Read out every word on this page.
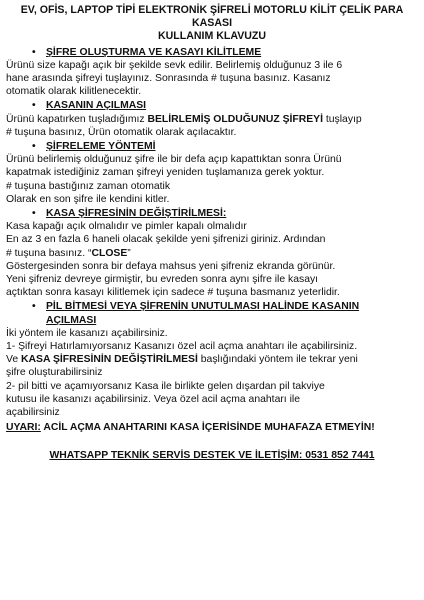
EV, OFİS, LAPTOP TİPİ ELEKTRONİK ŞİFRELİ MOTORLU KİLİT ÇELİK PARA KASASI
KULLANIM KLAVUZU
• ŞİFRE OLUŞTURMA VE KASAYI KİLİTLEME

Ürünü size kapağı açık bir şekilde sevk edilir. Belirlemiş olduğunuz 3 ile 6

hane arasında şifreyi tuşlayınız. Sonrasında # tuşuna basınız. Kasanız

otomatik olarak kilitlenecektir.

• KASANIN AÇILMASI

Ürünü kapatırken tuşladığımız BELİRLEMİŞ OLDUĞUNUZ ŞİFREYİ tuşlayıp

# tuşuna basınız, Ürün otomatik olarak açılacaktır.

• ŞİFRELEME YÖNTEMİ

Ürünü belirlemiş olduğunuz şifre ile bir defa açıp kapattıktan sonra Ürünü

kapatmak istediğiniz zaman şifreyi yeniden tuşlamanıza gerek yoktur.

# tuşuna bastığınız zaman otomatik

Olarak en son şifre ile kendini kitler.

• KASA ŞİFRESİNİN DEĞİŞTİRİLMESİ:

Kasa kapağı açık olmalıdır ve pimler kapalı olmalıdır

En az 3 en fazla 6 haneli olacak şekilde yeni şifrenizi giriniz. Ardından

# tuşuna basınız. “CLOSE”

Göstergesinden sonra bir defaya mahsus yeni şifreniz ekranda görünür.

Yeni şifreniz devreye girmiştir, bu evreden sonra aynı şifre ile kasayı

açtıktan sonra kasayı kilitlemek için sadece # tuşuna basmanız yeterlidir.

• PİL BİTMESİ VEYA ŞİFRENİN UNUTULMASI HALİNDE KASANIN
AÇILMASI

İki yöntem ile kasanızı açabilirsiniz.

1- Şifreyi Hatırlamıyorsanız Kasanızı özel acil açma anahtarı ile açabilirsiniz.

Ve KASA ŞİFRESİNİN DEĞİŞTİRİLMESİ başlığındaki yöntem ile tekrar yeni

şifre oluşturabilirsiniz

2- pil bitti ve açamıyorsanız Kasa ile birlikte gelen dışardan pil takviye

kutusu ile kasanızı açabilirsiniz. Veya özel acil açma anahtarı ile

açabilirsiniz

UYARI: ACİL AÇMA ANAHTARINI KASA İÇERİSİNDE MUHAFAZA ETMEYİN!

WHATSAPP TEKNİK SERVİS DESTEK VE İLETİŞİM: 0531 852 7441
